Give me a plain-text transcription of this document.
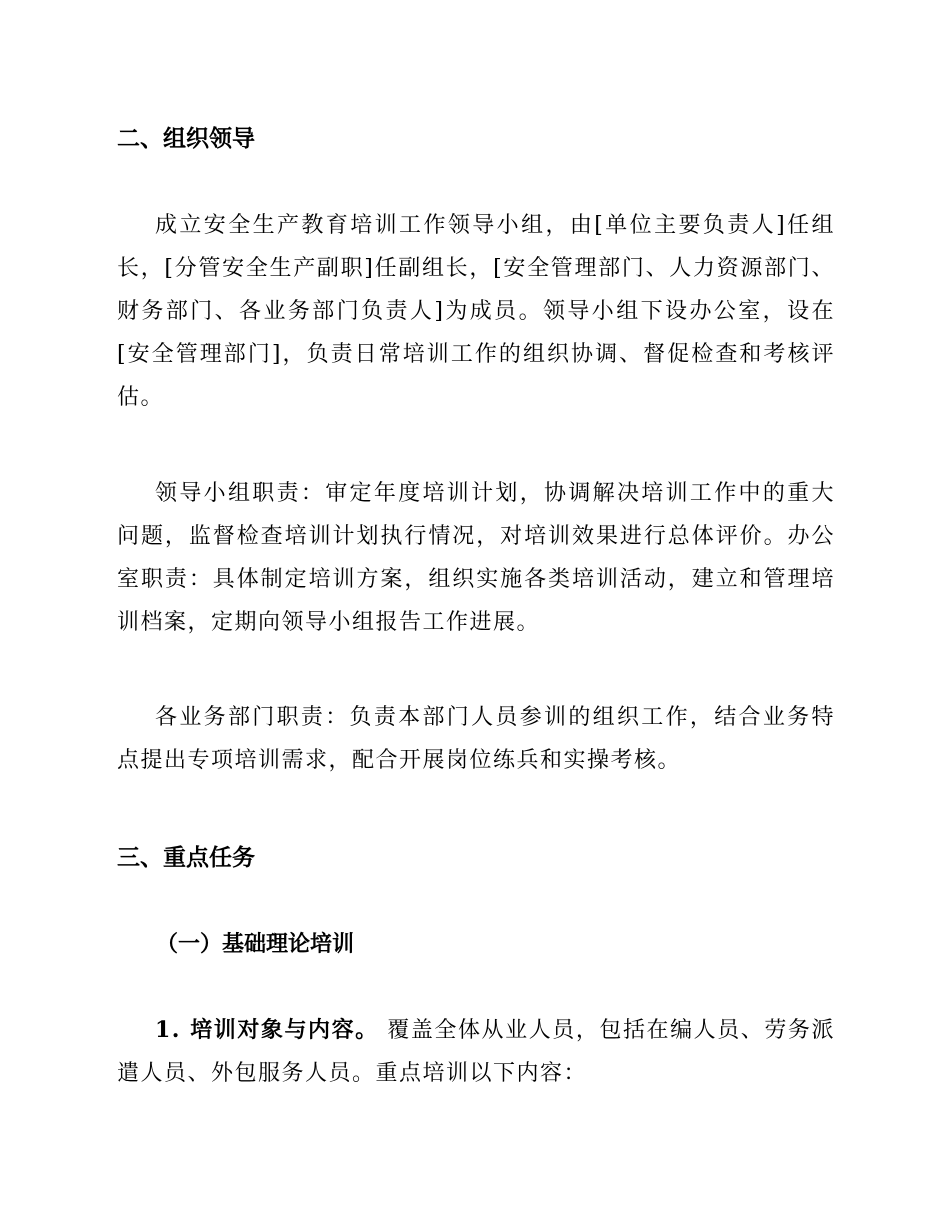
二、组织领导

成立安全生产教育培训工作领导小组，由[单位主要负责人]任组长，[分管安全生产副职]任副组长，[安全管理部门、人力资源部门、财务部门、各业务部门负责人]为成员。领导小组下设办公室，设在[安全管理部门]，负责日常培训工作的组织协调、督促检查和考核评估。

领导小组职责：审定年度培训计划，协调解决培训工作中的重大问题，监督检查培训计划执行情况，对培训效果进行总体评价。办公室职责：具体制定培训方案，组织实施各类培训活动，建立和管理培训档案，定期向领导小组报告工作进展。

各业务部门职责：负责本部门人员参训的组织工作，结合业务特点提出专项培训需求，配合开展岗位练兵和实操考核。

三、重点任务
（一）基础理论培训

1. 培训对象与内容。 覆盖全体从业人员，包括在编人员、劳务派遣人员、外包服务人员。重点培训以下内容：
